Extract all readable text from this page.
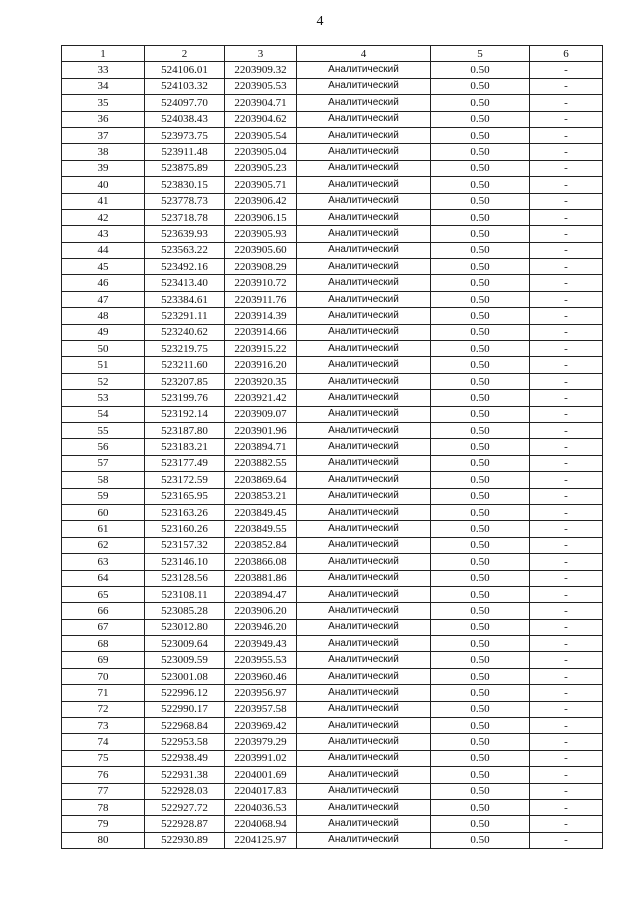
4
1	2	3	4	5	6
33	524106.01	2203909.32	Аналитический	0.50	-
34	524103.32	2203905.53	Аналитический	0.50	-
35	524097.70	2203904.71	Аналитический	0.50	-
36	524038.43	2203904.62	Аналитический	0.50	-
37	523973.75	2203905.54	Аналитический	0.50	-
38	523911.48	2203905.04	Аналитический	0.50	-
39	523875.89	2203905.23	Аналитический	0.50	-
40	523830.15	2203905.71	Аналитический	0.50	-
41	523778.73	2203906.42	Аналитический	0.50	-
42	523718.78	2203906.15	Аналитический	0.50	-
43	523639.93	2203905.93	Аналитический	0.50	-
44	523563.22	2203905.60	Аналитический	0.50	-
45	523492.16	2203908.29	Аналитический	0.50	-
46	523413.40	2203910.72	Аналитический	0.50	-
47	523384.61	2203911.76	Аналитический	0.50	-
48	523291.11	2203914.39	Аналитический	0.50	-
49	523240.62	2203914.66	Аналитический	0.50	-
50	523219.75	2203915.22	Аналитический	0.50	-
51	523211.60	2203916.20	Аналитический	0.50	-
52	523207.85	2203920.35	Аналитический	0.50	-
53	523199.76	2203921.42	Аналитический	0.50	-
54	523192.14	2203909.07	Аналитический	0.50	-
55	523187.80	2203901.96	Аналитический	0.50	-
56	523183.21	2203894.71	Аналитический	0.50	-
57	523177.49	2203882.55	Аналитический	0.50	-
58	523172.59	2203869.64	Аналитический	0.50	-
59	523165.95	2203853.21	Аналитический	0.50	-
60	523163.26	2203849.45	Аналитический	0.50	-
61	523160.26	2203849.55	Аналитический	0.50	-
62	523157.32	2203852.84	Аналитический	0.50	-
63	523146.10	2203866.08	Аналитический	0.50	-
64	523128.56	2203881.86	Аналитический	0.50	-
65	523108.11	2203894.47	Аналитический	0.50	-
66	523085.28	2203906.20	Аналитический	0.50	-
67	523012.80	2203946.20	Аналитический	0.50	-
68	523009.64	2203949.43	Аналитический	0.50	-
69	523009.59	2203955.53	Аналитический	0.50	-
70	523001.08	2203960.46	Аналитический	0.50	-
71	522996.12	2203956.97	Аналитический	0.50	-
72	522990.17	2203957.58	Аналитический	0.50	-
73	522968.84	2203969.42	Аналитический	0.50	-
74	522953.58	2203979.29	Аналитический	0.50	-
75	522938.49	2203991.02	Аналитический	0.50	-
76	522931.38	2204001.69	Аналитический	0.50	-
77	522928.03	2204017.83	Аналитический	0.50	-
78	522927.72	2204036.53	Аналитический	0.50	-
79	522928.87	2204068.94	Аналитический	0.50	-
80	522930.89	2204125.97	Аналитический	0.50	-
